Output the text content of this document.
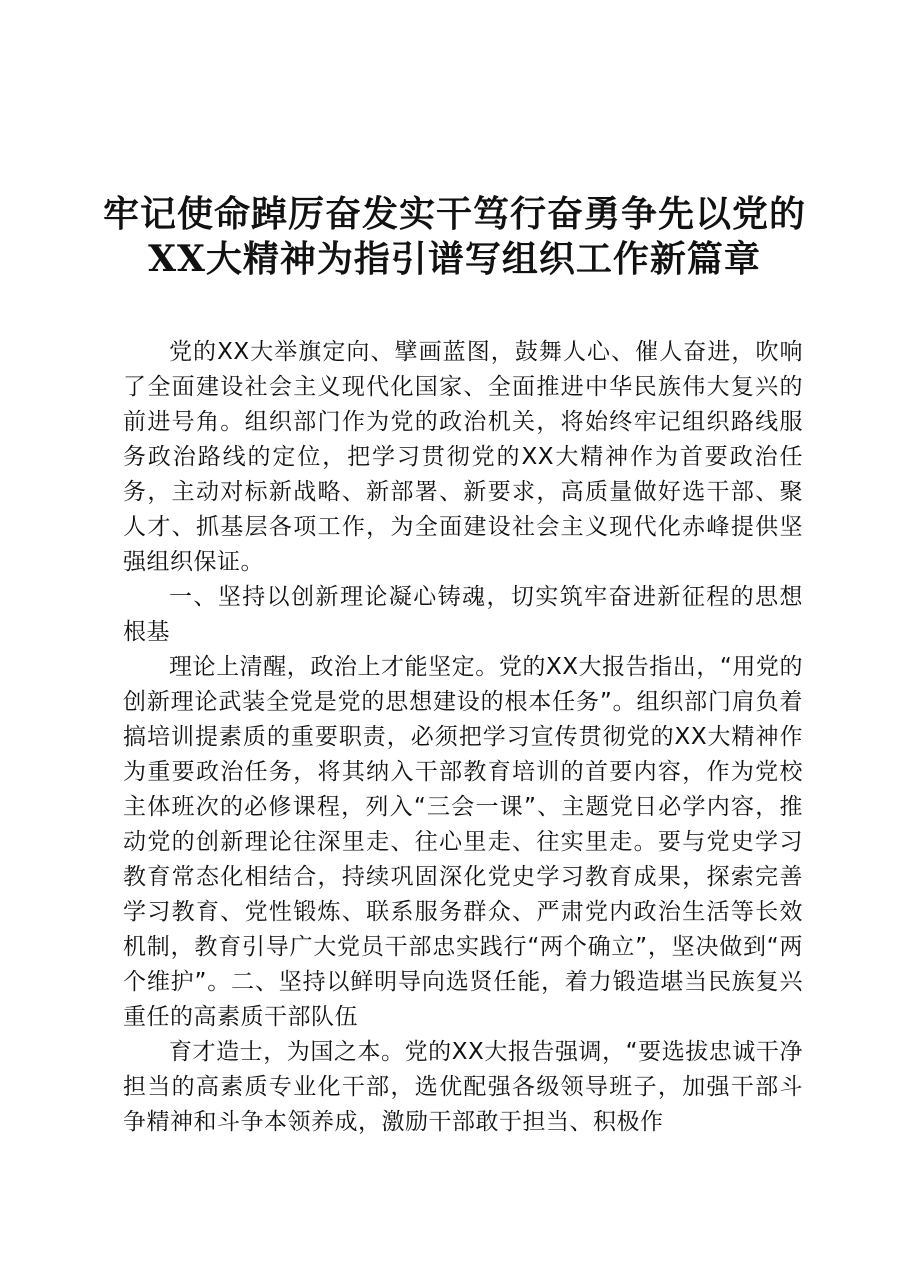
牢记使命踔厉奋发实干笃行奋勇争先以党的
XX大精神为指引谱写组织工作新篇章

党的XX大举旗定向、擘画蓝图，鼓舞人心、催人奋进，吹响了全面建设社会主义现代化国家、全面推进中华民族伟大复兴的前进号角。组织部门作为党的政治机关，将始终牢记组织路线服务政治路线的定位，把学习贯彻党的XX大精神作为首要政治任务，主动对标新战略、新部署、新要求，高质量做好选干部、聚人才、抓基层各项工作，为全面建设社会主义现代化赤峰提供坚强组织保证。

一、坚持以创新理论凝心铸魂，切实筑牢奋进新征程的思想根基

理论上清醒，政治上才能坚定。党的XX大报告指出，“用党的创新理论武装全党是党的思想建设的根本任务”。组织部门肩负着搞培训提素质的重要职责，必须把学习宣传贯彻党的XX大精神作为重要政治任务，将其纳入干部教育培训的首要内容，作为党校主体班次的必修课程，列入“三会一课”、主题党日必学内容，推动党的创新理论往深里走、往心里走、往实里走。要与党史学习教育常态化相结合，持续巩固深化党史学习教育成果，探索完善学习教育、党性锻炼、联系服务群众、严肃党内政治生活等长效机制，教育引导广大党员干部忠实践行“两个确立”，坚决做到“两个维护”。二、坚持以鲜明导向选贤任能，着力锻造堪当民族复兴重任的高素质干部队伍

育才造士，为国之本。党的XX大报告强调，“要选拔忠诚干净担当的高素质专业化干部，选优配强各级领导班子，加强干部斗争精神和斗争本领养成，激励干部敢于担当、积极作
